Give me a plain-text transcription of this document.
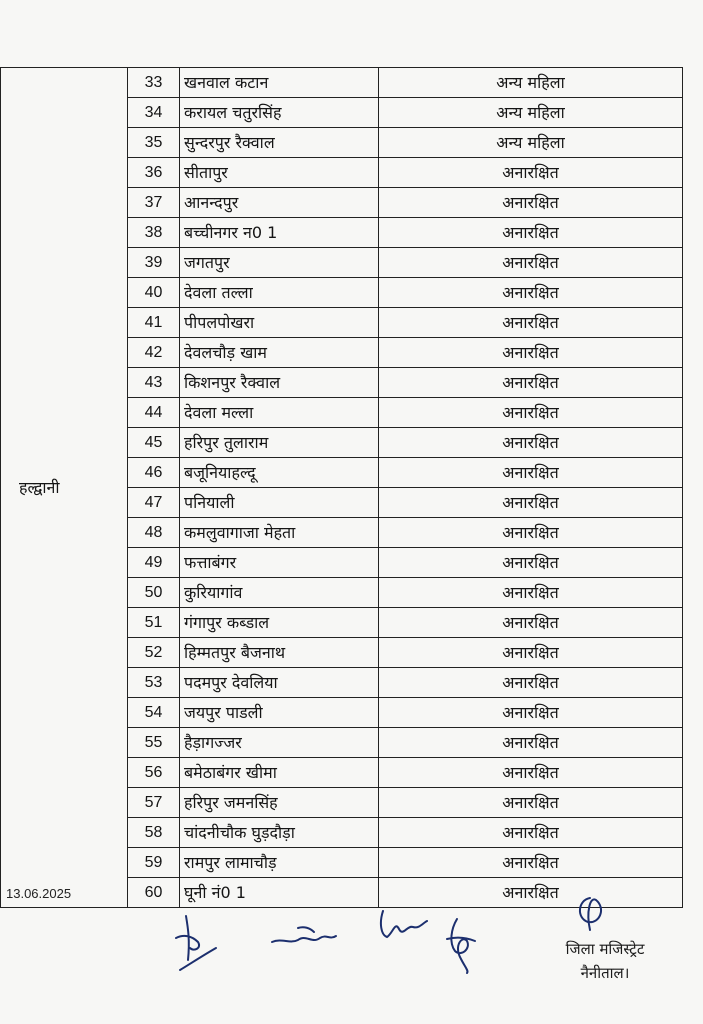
हल्द्वानी	33	खनवाल कटान	अन्य महिला
	34	करायल चतुरसिंह	अन्य महिला
	35	सुन्दरपुर रैक्वाल	अन्य महिला
	36	सीतापुर	अनारक्षित
	37	आनन्दपुर	अनारक्षित
	38	बच्चीनगर न0 1	अनारक्षित
	39	जगतपुर	अनारक्षित
	40	देवला तल्ला	अनारक्षित
	41	पीपलपोखरा	अनारक्षित
	42	देवलचौड़ खाम	अनारक्षित
	43	किशनपुर रैक्वाल	अनारक्षित
	44	देवला मल्ला	अनारक्षित
	45	हरिपुर तुलाराम	अनारक्षित
	46	बजूनियाहल्दू	अनारक्षित
	47	पनियाली	अनारक्षित
	48	कमलुवागाजा मेहता	अनारक्षित
	49	फत्ताबंगर	अनारक्षित
	50	कुरियागांव	अनारक्षित
	51	गंगापुर कब्डाल	अनारक्षित
	52	हिम्मतपुर बैजनाथ	अनारक्षित
	53	पदमपुर देवलिया	अनारक्षित
	54	जयपुर पाडली	अनारक्षित
	55	हैड़ागज्जर	अनारक्षित
	56	बमेठाबंगर खीमा	अनारक्षित
	57	हरिपुर जमनसिंह	अनारक्षित
	58	चांदनीचौक घुड़दौड़ा	अनारक्षित
	59	रामपुर लामाचौड़	अनारक्षित
	60	घूनी नं0 1	अनारक्षित
13.06.2025
जिला मजिस्ट्रेट
नैनीताल।
